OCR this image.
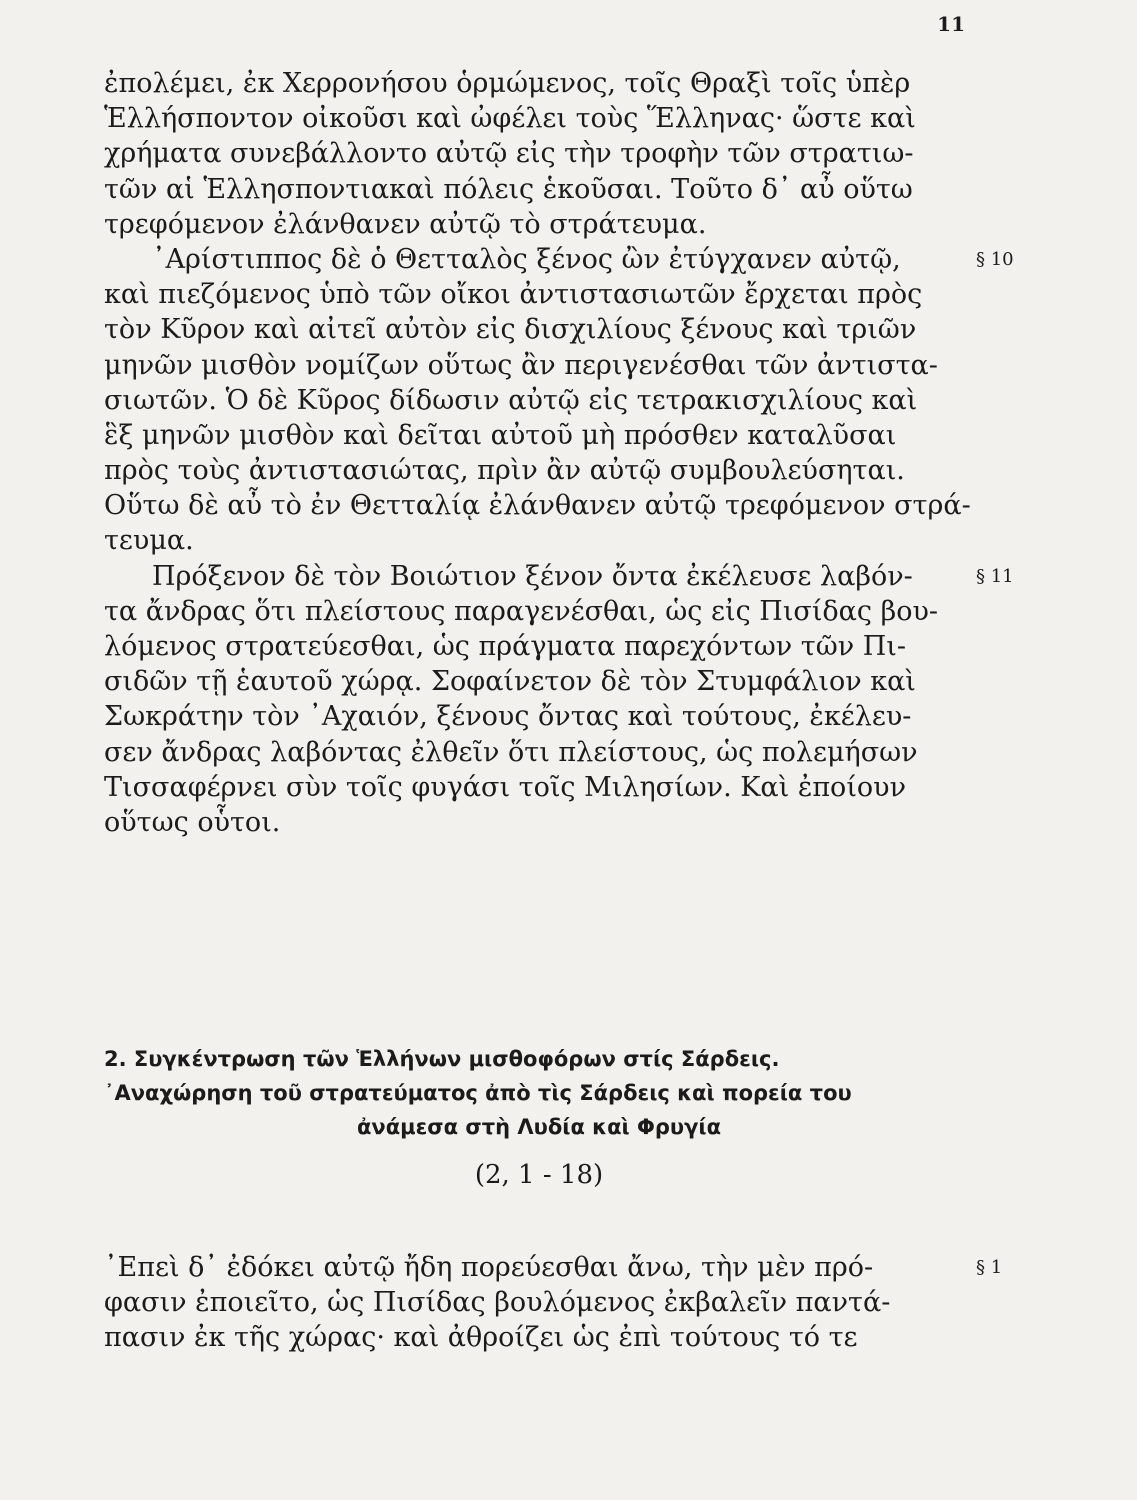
11
ἐπολέμει, ἐκ Χερρονήσου ὁρμώμενος, τοῖς Θραξὶ τοῖς ὑπὲρ
Ἑλλήσποντον οἰκοῦσι καὶ ὠφέλει τοὺς Ἕλληνας· ὥστε καὶ
χρήματα συνεβάλλοντο αὐτῷ εἰς τὴν τροφὴν τῶν στρατιω-
τῶν αἱ Ἑλλησποντιακαὶ πόλεις ἑκοῦσαι. Τοῦτο δ᾽ αὖ οὕτω
τρεφόμενον ἐλάνθανεν αὐτῷ τὸ στράτευμα.
᾽Αρίστιππος δὲ ὁ Θετταλὸς ξένος ὢν ἐτύγχανεν αὐτῷ,	§ 10
καὶ πιεζόμενος ὑπὸ τῶν οἴκοι ἀντιστασιωτῶν ἔρχεται πρὸς
τὸν Κῦρον καὶ αἰτεῖ αὐτὸν εἰς δισχιλίους ξένους καὶ τριῶν
μηνῶν μισθὸν νομίζων οὕτως ἂν περιγενέσθαι τῶν ἀντιστα-
σιωτῶν. Ὁ δὲ Κῦρος δίδωσιν αὐτῷ εἰς τετρακισχιλίους καὶ
ἓξ μηνῶν μισθὸν καὶ δεῖται αὐτοῦ μὴ πρόσθεν καταλῦσαι
πρὸς τοὺς ἀντιστασιώτας, πρὶν ἂν αὐτῷ συμβουλεύσηται.
Οὕτω δὲ αὖ τὸ ἐν Θετταλίᾳ ἐλάνθανεν αὐτῷ τρεφόμενον στρά-
τευμα.
Πρόξενον δὲ τὸν Βοιώτιον ξένον ὄντα ἐκέλευσε λαβόν-	§ 11
τα ἄνδρας ὅτι πλείστους παραγενέσθαι, ὡς εἰς Πισίδας βου-
λόμενος στρατεύεσθαι, ὡς πράγματα παρεχόντων τῶν Πι-
σιδῶν τῇ ἑαυτοῦ χώρᾳ. Σοφαίνετον δὲ τὸν Στυμφάλιον καὶ
Σωκράτην τὸν ᾽Αχαιόν, ξένους ὄντας καὶ τούτους, ἐκέλευ-
σεν ἄνδρας λαβόντας ἐλθεῖν ὅτι πλείστους, ὡς πολεμήσων
Τισσαφέρνει σὺν τοῖς φυγάσι τοῖς Μιλησίων. Καὶ ἐποίουν
οὕτως οὗτοι.
2. Συγκέντρωση τῶν Ἑλλήνων μισθοφόρων στίς Σάρδεις.
᾽Αναχώρηση τοῦ στρατεύματος ἀπὸ τὶς Σάρδεις καὶ πορεία του
ἀνάμεσα στὴ Λυδία καὶ Φρυγία
(2, 1 - 18)
᾽Επεὶ δ᾽ ἐδόκει αὐτῷ ἤδη πορεύεσθαι ἄνω, τὴν μὲν πρό-	§ 1
φασιν ἐποιεῖτο, ὡς Πισίδας βουλόμενος ἐκβαλεῖν παντά-
πασιν ἐκ τῆς χώρας· καὶ ἀθροίζει ὡς ἐπὶ τούτους τό τε
